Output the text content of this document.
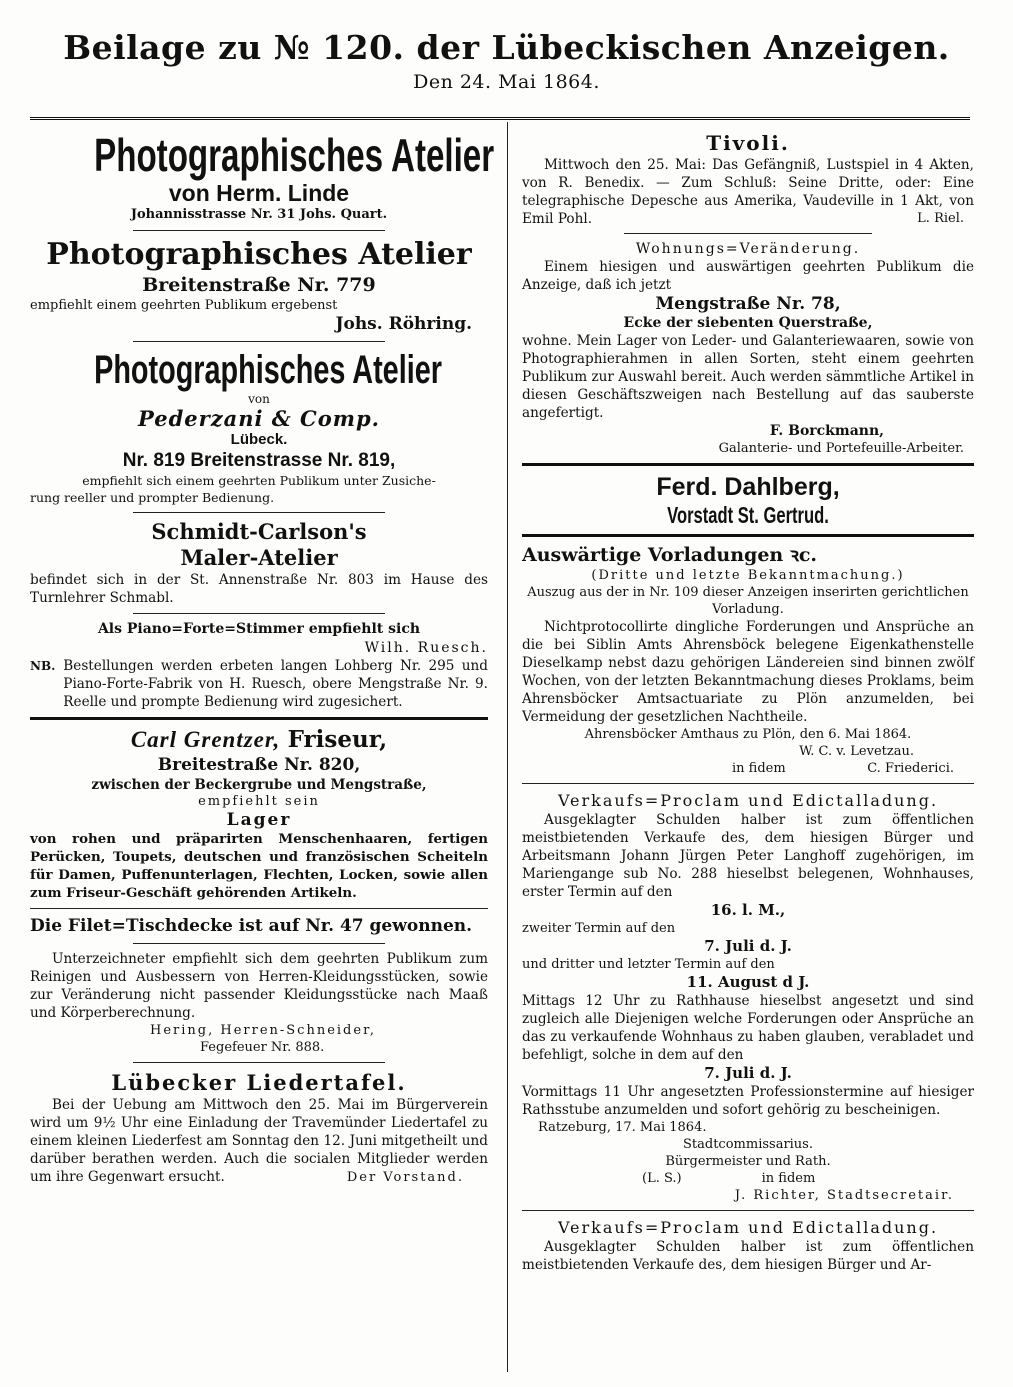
Beilage zu № 120. der Lübeckischen Anzeigen.
Den 24. Mai 1864.

Photographisches Atelier

von Herm. Linde

Johannisstrasse Nr. 31 Johs. Quart.

Photographisches Atelier

Breitenstraße Nr. 779

empfiehlt einem geehrten Publikum ergebenst

Johs. Röhring.

Photographisches Atelier

von

Pederzani & Comp.

Lübeck.

Nr. 819 Breitenstrasse Nr. 819,

empfiehlt sich einem geehrten Publikum unter Zusiche-

rung reeller und prompter Bedienung.

Schmidt-Carlson's

Maler-Atelier

befindet sich in der St. Annenstraße Nr. 803 im Hause des Turnlehrer Schmabl.

Als Piano=Forte=Stimmer empfiehlt sich

Wilh. Ruesch.

NB. Bestellungen werden erbeten langen Lohberg Nr. 295 und Piano-Forte-Fabrik von H. Ruesch, obere Mengstraße Nr. 9. Reelle und prompte Bedienung wird zugesichert.

Carl Grentzer, Friseur,

Breitestraße Nr. 820,

zwischen der Beckergrube und Mengstraße,

empfiehlt sein

Lager

von rohen und präparirten Menschenhaaren, fertigen Perücken, Toupets, deutschen und französischen Scheiteln für Damen, Puffenunterlagen, Flechten, Locken, sowie allen zum Friseur-Geschäft gehörenden Artikeln.

Die Filet=Tischdecke ist auf Nr. 47 gewonnen.

Unterzeichneter empfiehlt sich dem geehrten Publikum zum Reinigen und Ausbessern von Herren-Kleidungsstücken, sowie zur Veränderung nicht passender Kleidungsstücke nach Maaß und Körperberechnung.

Hering, Herren-Schneider,

Fegefeuer Nr. 888.

Lübecker Liedertafel.

Bei der Uebung am Mittwoch den 25. Mai im Bürgerverein wird um 9½ Uhr eine Einladung der Travemünder Liedertafel zu einem kleinen Liederfest am Sonntag den 12. Juni mitgetheilt und darüber berathen werden. Auch die socialen Mitglieder werden um ihre Gegenwart ersucht.	Der Vorstand.

Tivoli.

Mittwoch den 25. Mai: Das Gefängniß, Lustspiel in 4 Akten, von R. Benedix. — Zum Schluß: Seine Dritte, oder: Eine telegraphische Depesche aus Amerika, Vaudeville in 1 Akt, von Emil Pohl.	L. Riel.

Wohnungs=Veränderung.

Einem hiesigen und auswärtigen geehrten Publikum die Anzeige, daß ich jetzt

Mengstraße Nr. 78,

Ecke der siebenten Querstraße,

wohne. Mein Lager von Leder- und Galanteriewaaren, sowie von Photographierahmen in allen Sorten, steht einem geehrten Publikum zur Auswahl bereit. Auch werden sämmtliche Artikel in diesen Geschäftszweigen nach Bestellung auf das sauberste angefertigt.

F. Borckmann,

Galanterie- und Portefeuille-Arbeiter.

Ferd. Dahlberg,

Vorstadt St. Gertrud.

Auswärtige Vorladungen ꝛc.

(Dritte und letzte Bekanntmachung.)

Auszug aus der in Nr. 109 dieser Anzeigen inserirten gerichtlichen Vorladung.

Nichtprotocollirte dingliche Forderungen und Ansprüche an die bei Siblin Amts Ahrensböck belegene Eigenkathenstelle Dieselkamp nebst dazu gehörigen Ländereien sind binnen zwölf Wochen, von der letzten Bekanntmachung dieses Proklams, beim Ahrensböcker Amtsactuariate zu Plön anzumelden, bei Vermeidung der gesetzlichen Nachtheile.

Ahrensböcker Amthaus zu Plön, den 6. Mai 1864.

W. C. v. Levetzau.

in fidem	C. Friederici.

Verkaufs=Proclam und Edictalladung.

Ausgeklagter Schulden halber ist zum öffentlichen meistbietenden Verkaufe des, dem hiesigen Bürger und Arbeitsmann Johann Jürgen Peter Langhoff zugehörigen, im Mariengange sub No. 288 hieselbst belegenen, Wohnhauses, erster Termin auf den

16. l. M.,

zweiter Termin auf den

7. Juli d. J.

und dritter und letzter Termin auf den

11. August d J.

Mittags 12 Uhr zu Rathhause hieselbst angesetzt und sind zugleich alle Diejenigen welche Forderungen oder Ansprüche an das zu verkaufende Wohnhaus zu haben glauben, verabladet und befehligt, solche in dem auf den

7. Juli d. J.

Vormittags 11 Uhr angesetzten Professionstermine auf hiesiger Rathsstube anzumelden und sofort gehörig zu bescheinigen.

Ratzeburg, 17. Mai 1864.

Stadtcommissarius.

Bürgermeister und Rath.

(L. S.)	in fidem

J. Richter, Stadtsecretair.

Verkaufs=Proclam und Edictalladung.

Ausgeklagter Schulden halber ist zum öffentlichen meistbietenden Verkaufe des, dem hiesigen Bürger und Ar-
